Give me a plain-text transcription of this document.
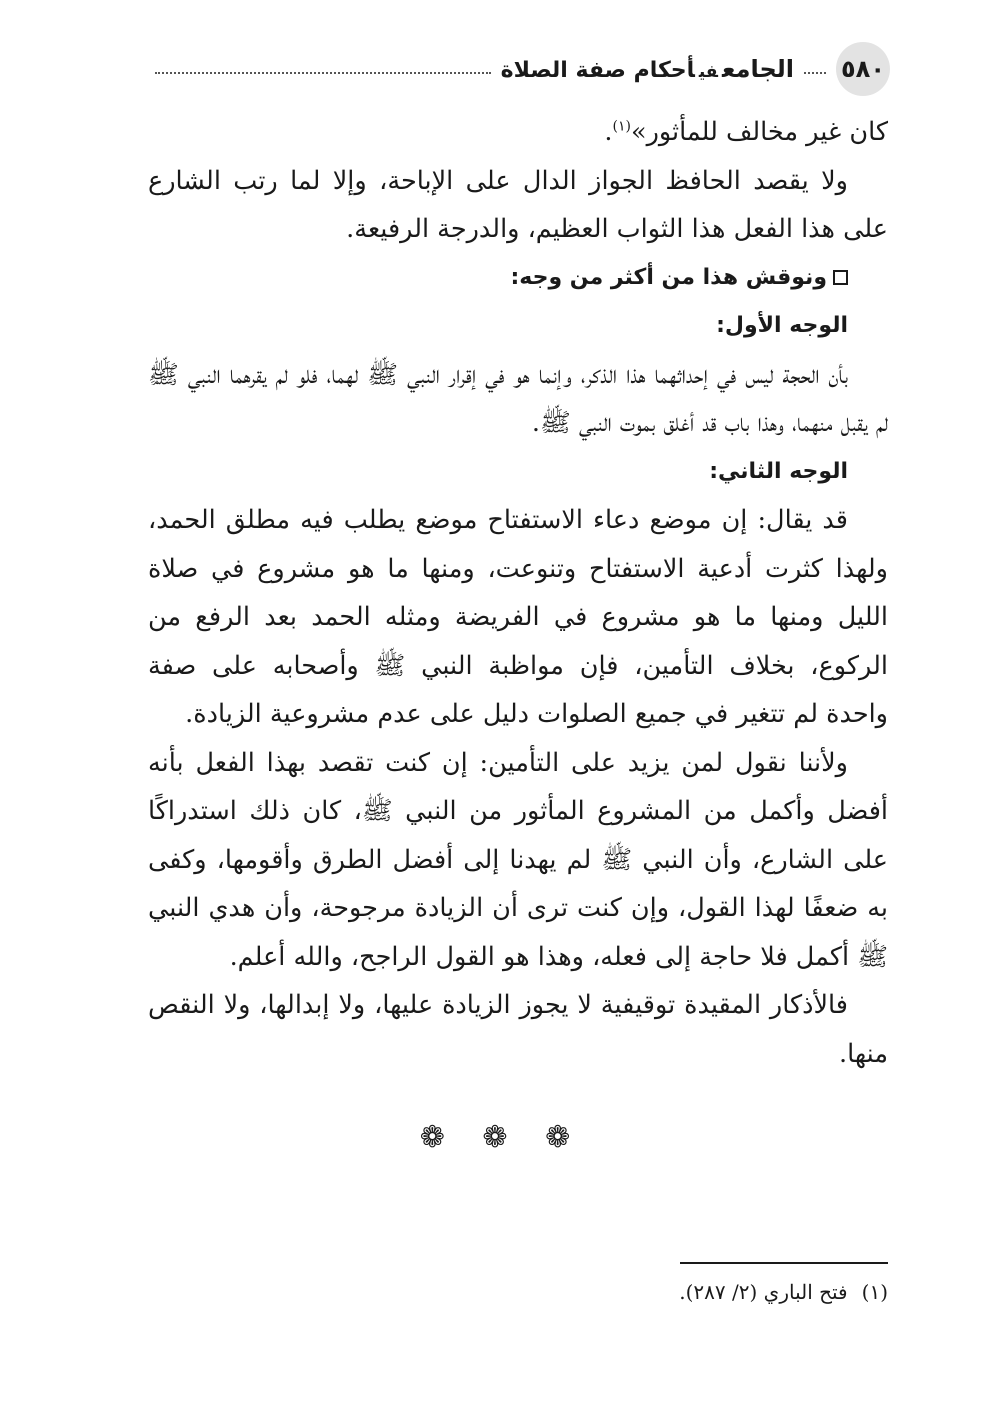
٥٨٠
الجامعفيأحكام صفة الصلاة

كان غير مخالف للمأثور»$^{(١)}$.

ولا يقصد الحافظ الجواز الدال على الإباحة، وإلا لما رتب الشارع على هذا الفعل هذا الثواب العظيم، والدرجة الرفيعة.

ونوقش هذا من أكثر من وجه:

الوجه الأول:

بأن الحجة ليس في إحداثهما هذا الذكر، وإنما هو في إقرار النبي ﷺ لهما، فلو لم يقرهما النبي ﷺ لم يقبل منهما، وهذا باب قد أغلق بموت النبي ﷺ.

الوجه الثاني:

قد يقال: إن موضع دعاء الاستفتاح موضع يطلب فيه مطلق الحمد، ولهذا كثرت أدعية الاستفتاح وتنوعت، ومنها ما هو مشروع في صلاة الليل ومنها ما هو مشروع في الفريضة ومثله الحمد بعد الرفع من الركوع، بخلاف التأمين، فإن مواظبة النبي ﷺ وأصحابه على صفة واحدة لم تتغير في جميع الصلوات دليل على عدم مشروعية الزيادة.

ولأننا نقول لمن يزيد على التأمين: إن كنت تقصد بهذا الفعل بأنه أفضل وأكمل من المشروع المأثور من النبي ﷺ، كان ذلك استدراكًا على الشارع، وأن النبي ﷺ لم يهدنا إلى أفضل الطرق وأقومها، وكفى به ضعفًا لهذا القول، وإن كنت ترى أن الزيادة مرجوحة، وأن هدي النبي ﷺ أكمل فلا حاجة إلى فعله، وهذا هو القول الراجح، والله أعلم.

فالأذكار المقيدة توقيفية لا يجوز الزيادة عليها، ولا إبدالها، ولا النقص منها.

❁ ❁ ❁
(١)فتح الباري (٢/ ٢٨٧).
